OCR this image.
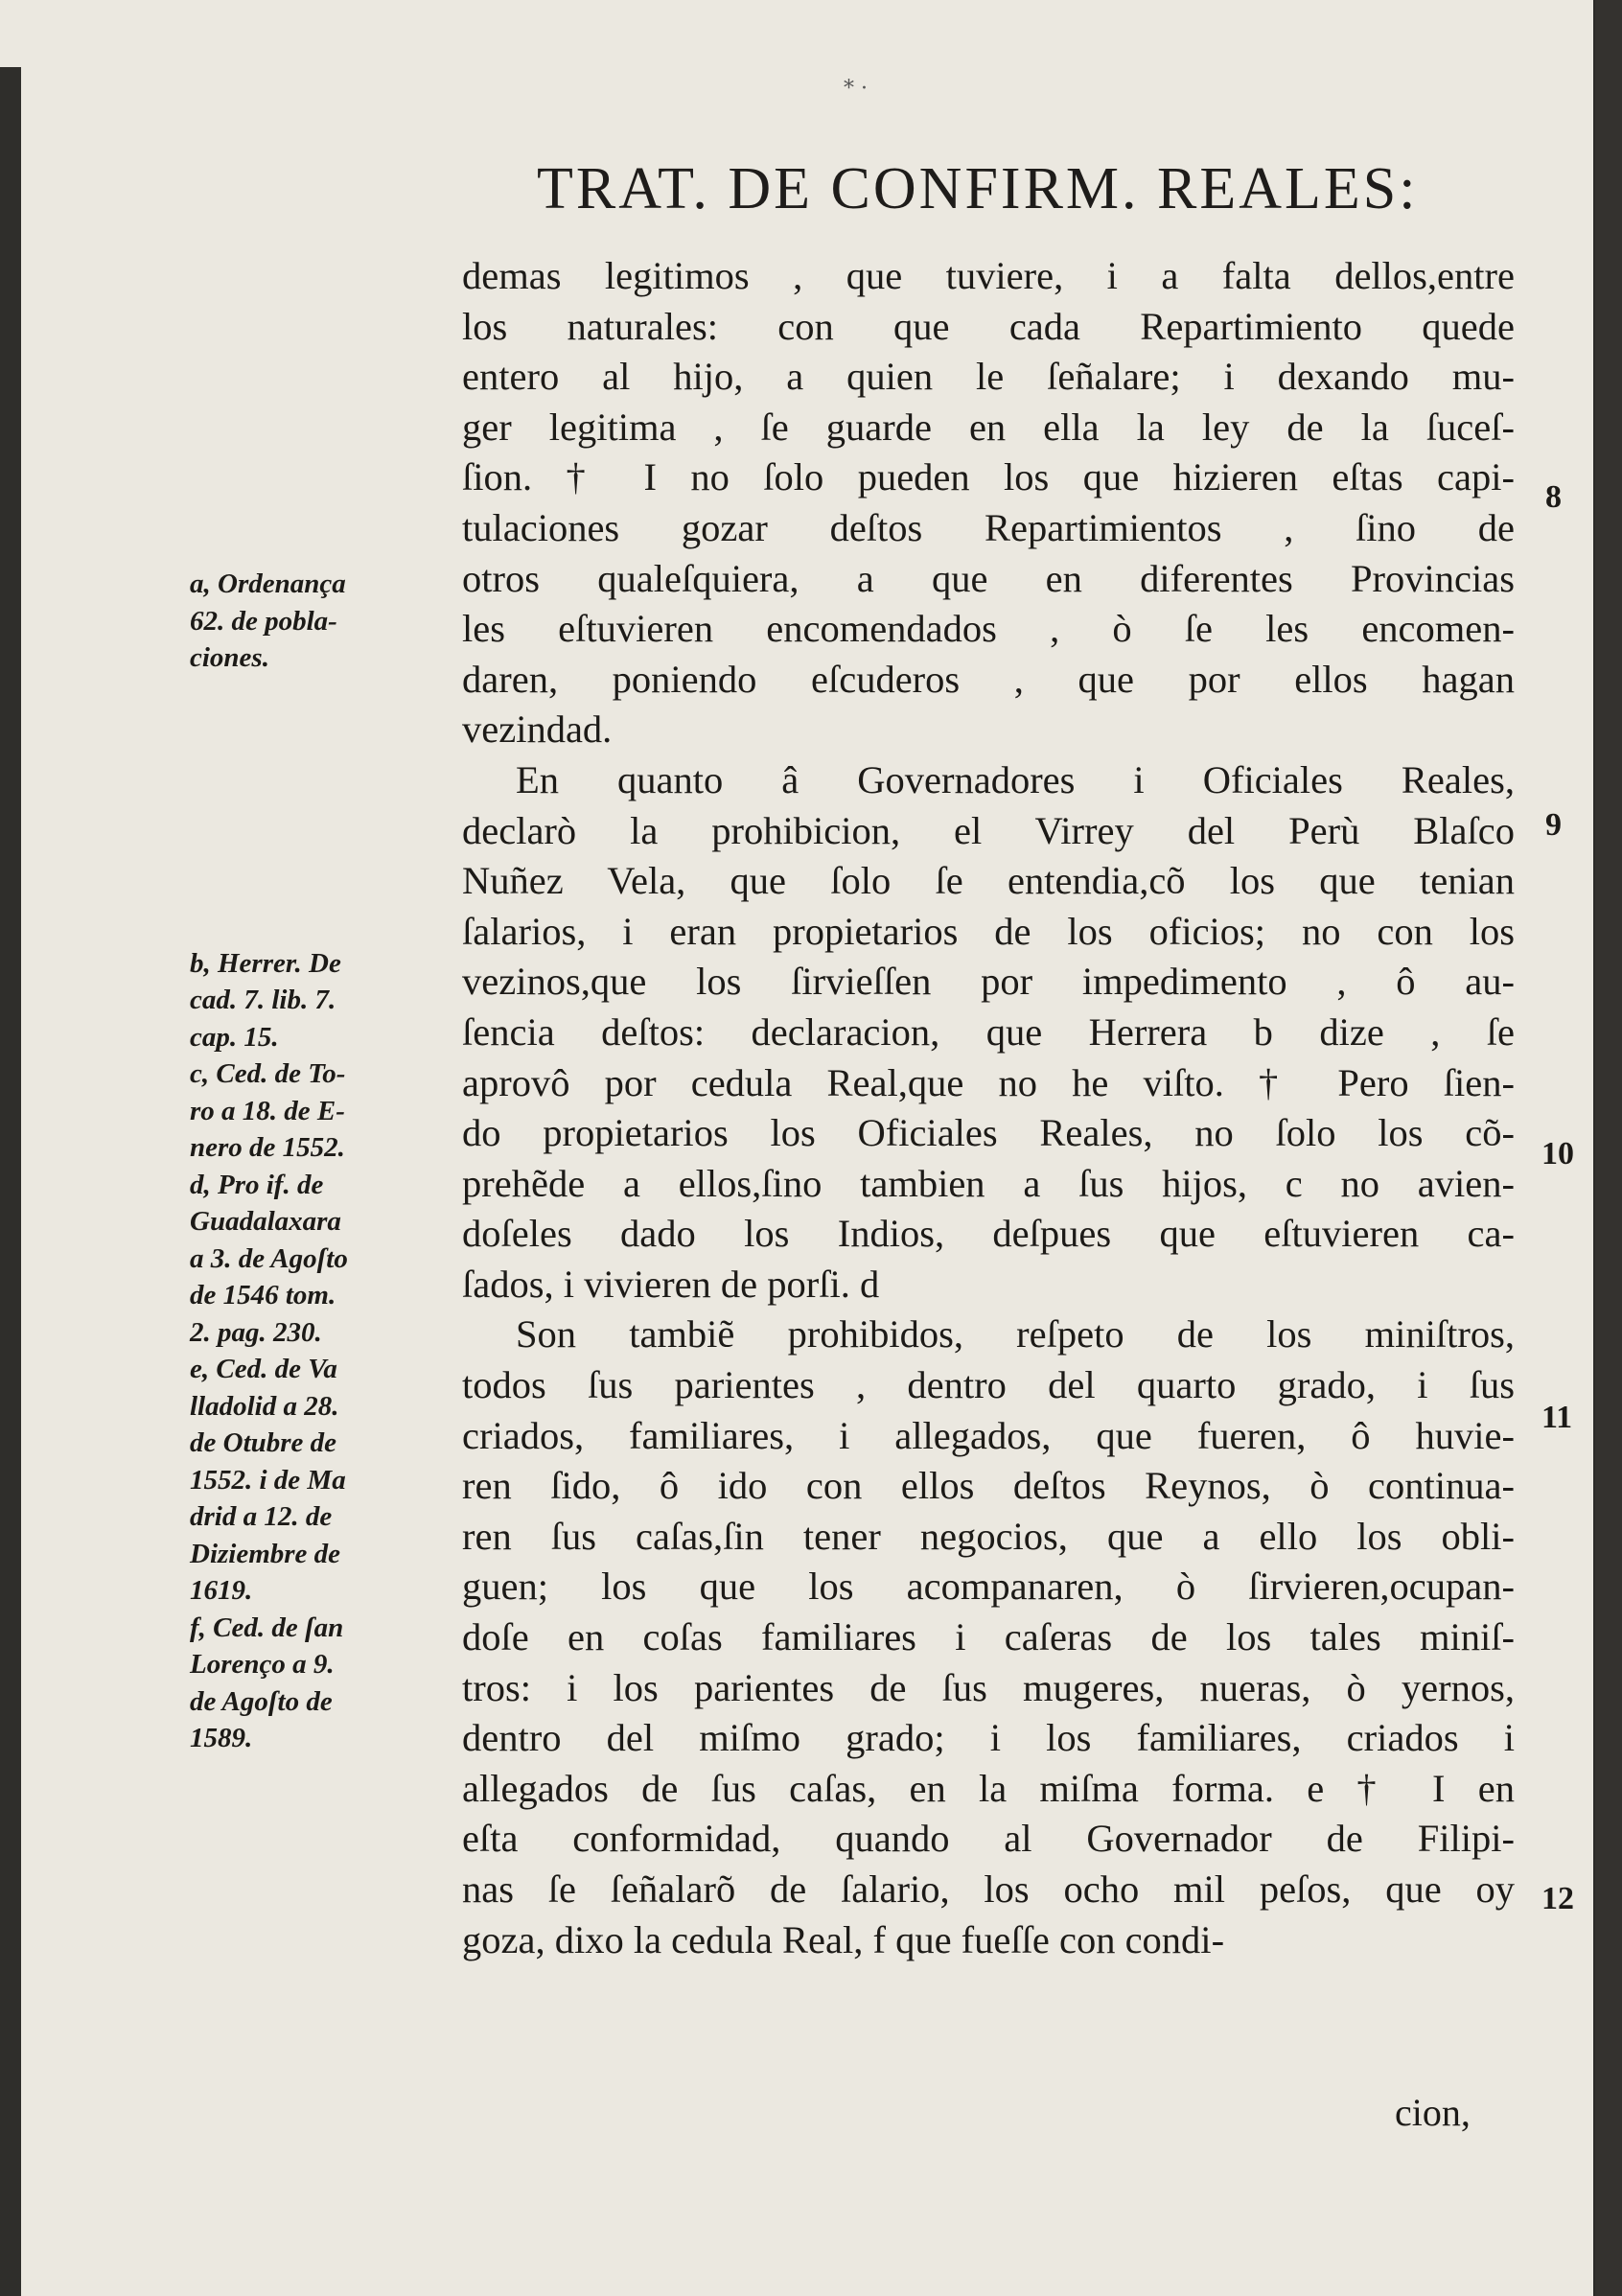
* ·
TRAT. DE CONFIRM. REALES:
demas legitimos , que tuviere, i a falta dellos,entre
los naturales: con que cada Repartimiento quede
entero al hijo, a quien le ſeñalare; i dexando mu-
ger legitima , ſe guarde en ella la ley de la ſuceſ-
ſion. † I no ſolo pueden los que hizieren eſtas capi-
tulaciones gozar deſtos Repartimientos , ſino de
otros qualeſquiera, a que en diferentes Provincias
les eſtuvieren encomendados , ò ſe les encomen-
daren, poniendo eſcuderos , que por ellos hagan
vezindad.
En quanto â Governadores i Oficiales Reales,
declarò la prohibicion, el Virrey del Perù Blaſco
Nuñez Vela, que ſolo ſe entendia,cõ los que tenian
ſalarios, i eran propietarios de los oficios; no con los
vezinos,que los ſirvieſſen por impedimento , ô au-
ſencia deſtos: declaracion, que Herrera b dize , ſe
aprovô por cedula Real,que no he viſto. † Pero ſien-
do propietarios los Oficiales Reales, no ſolo los cõ-
prehẽde a ellos,ſino tambien a ſus hijos, c no avien-
doſeles dado los Indios, deſpues que eſtuvieren ca-
ſados, i vivieren de porſi. d
Son tambiẽ prohibidos, reſpeto de los miniſtros,
todos ſus parientes , dentro del quarto grado, i ſus
criados, familiares, i allegados, que fueren, ô huvie-
ren ſido, ô ido con ellos deſtos Reynos, ò continua-
ren ſus caſas,ſin tener negocios, que a ello los obli-
guen; los que los acompanaren, ò ſirvieren,ocupan-
doſe en coſas familiares i caſeras de los tales miniſ-
tros: i los parientes de ſus mugeres, nueras, ò yernos,
dentro del miſmo grado; i los familiares, criados i
allegados de ſus caſas, en la miſma forma. e † I en
eſta conformidad, quando al Governador de Filipi-
nas ſe ſeñalarõ de ſalario, los ocho mil peſos, que oy
goza, dixo la cedula Real, f que fueſſe con condi-
a, Ordenança
62. de pobla-
ciones.
b, Herrer. De
cad. 7. lib. 7.
cap. 15.
c, Ced. de To-
ro a 18. de E-
nero de 1552.
d, Pro if. de
Guadalaxara
a 3. de Agoſto
de 1546 tom.
2. pag. 230.
e, Ced. de Va
lladolid a 28.
de Otubre de
1552. i de Ma
drid a 12. de
Diziembre de
1619.
f, Ced. de ſan
Lorenço a 9.
de Agoſto de
1589.
8
9
10
11
12
cion,
